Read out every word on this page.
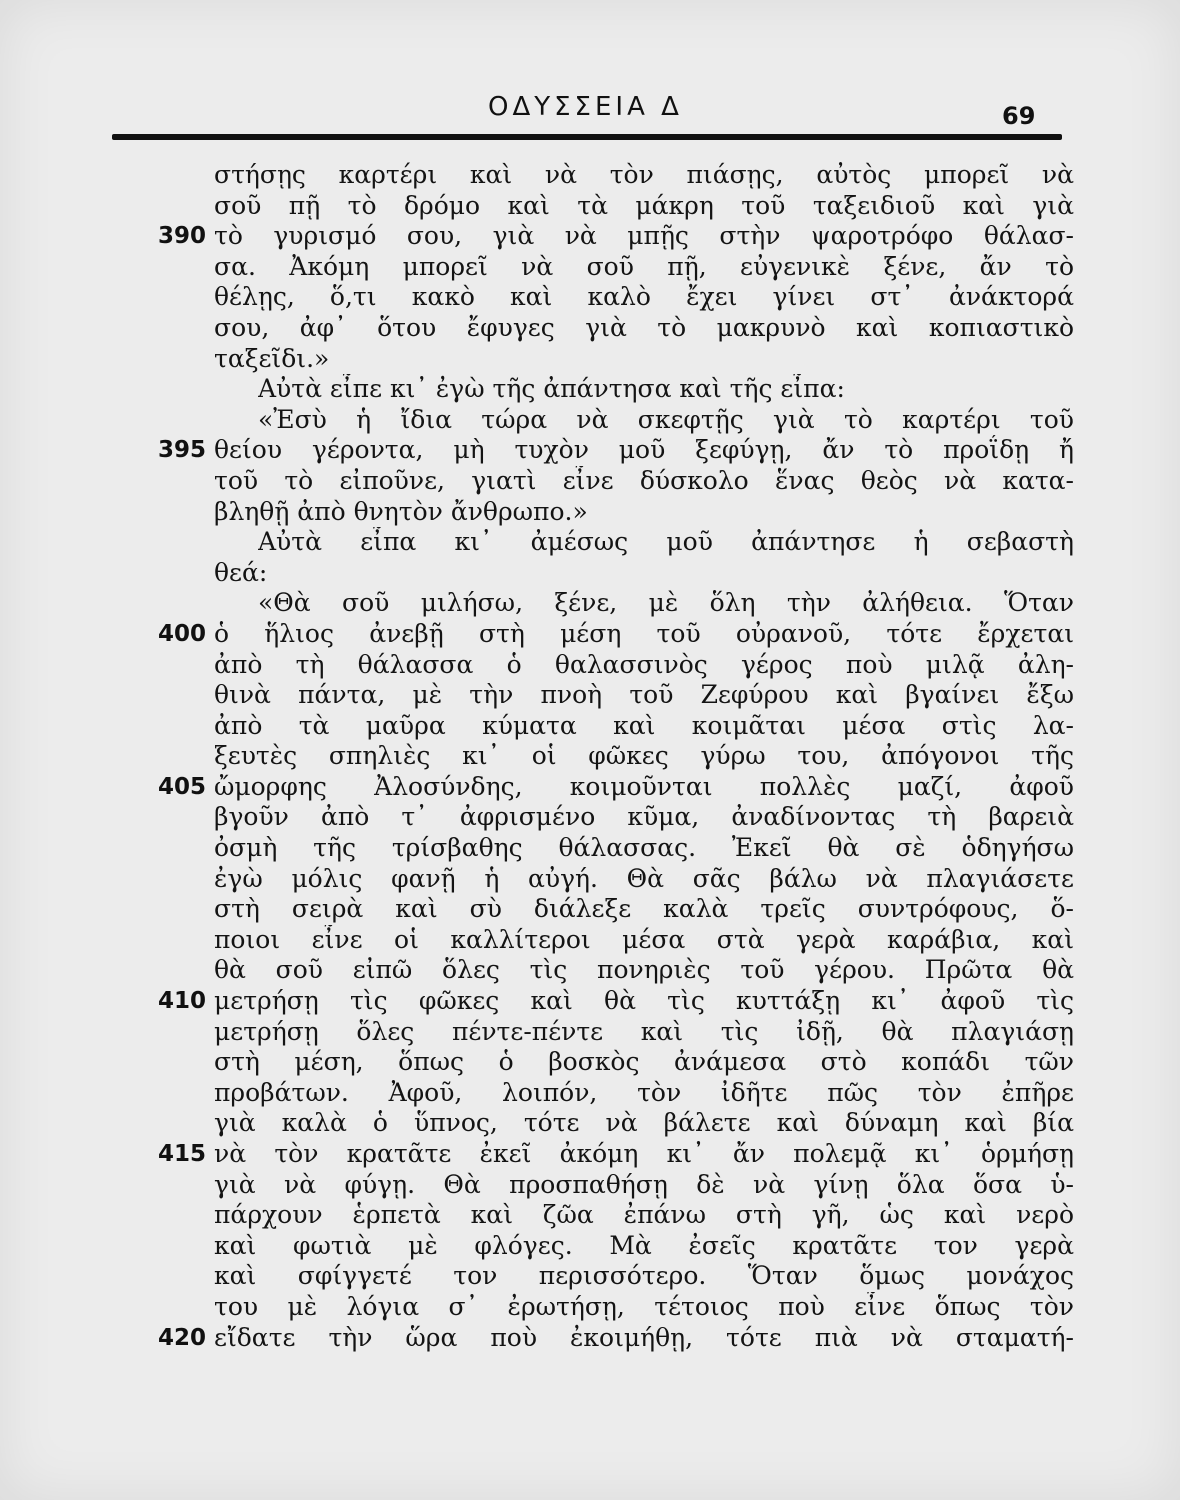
ΟΔΥΣΣΕΙΑ Δ	69
στήσῃς καρτέρι καὶ νὰ τὸν πιάσῃς, αὐτὸς μπορεῖ νὰ
σοῦ πῇ τὸ δρόμο καὶ τὰ μάκρη τοῦ ταξειδιοῦ καὶ γιὰ
390 τὸ γυρισμό σου, γιὰ νὰ μπῇς στὴν ψαροτρόφο θάλασ-
σα. Ἀκόμη μπορεῖ νὰ σοῦ πῇ, εὐγενικὲ ξένε, ἄν τὸ
θέλῃς, ὅ,τι κακὸ καὶ καλὸ ἔχει γίνει στ᾽ ἀνάκτορά
σου, ἀφ᾽ ὅτου ἔφυγες γιὰ τὸ μακρυνὸ καὶ κοπιαστικὸ
ταξεῖδι.»
Αὐτὰ εἶπε κι᾽ ἐγὼ τῆς ἀπάντησα καὶ τῆς εἶπα:
«Ἐσὺ ἡ ἴδια τώρα νὰ σκεφτῇς γιὰ τὸ καρτέρι τοῦ
395 θείου γέροντα, μὴ τυχὸν μοῦ ξεφύγῃ, ἄν τὸ προΐδῃ ἤ
τοῦ τὸ εἰποῦνε, γιατὶ εἶνε δύσκολο ἕνας θεὸς νὰ κατα-
βληθῇ ἀπὸ θνητὸν ἄνθρωπο.»
Αὐτὰ εἶπα κι᾽ ἀμέσως μοῦ ἀπάντησε ἡ σεβαστὴ
θεά:
«Θὰ σοῦ μιλήσω, ξένε, μὲ ὅλη τὴν ἀλήθεια. Ὅταν
400 ὁ ἥλιος ἀνεβῇ στὴ μέση τοῦ οὐρανοῦ, τότε ἔρχεται
ἀπὸ τὴ θάλασσα ὁ θαλασσινὸς γέρος ποὺ μιλᾷ ἀλη-
θινὰ πάντα, μὲ τὴν πνοὴ τοῦ Ζεφύρου καὶ βγαίνει ἔξω
ἀπὸ τὰ μαῦρα κύματα καὶ κοιμᾶται μέσα στὶς λα-
ξευτὲς σπηλιὲς κι᾽ οἱ φῶκες γύρω του, ἀπόγονοι τῆς
405 ὤμορφης Ἀλοσύνδης, κοιμοῦνται πολλὲς μαζί, ἀφοῦ
βγοῦν ἀπὸ τ᾽ ἀφρισμένο κῦμα, ἀναδίνοντας τὴ βαρειὰ
ὀσμὴ τῆς τρίσβαθης θάλασσας. Ἐκεῖ θὰ σὲ ὁδηγήσω
ἐγὼ μόλις φανῇ ἡ αὐγή. Θὰ σᾶς βάλω νὰ πλαγιάσετε
στὴ σειρὰ καὶ σὺ διάλεξε καλὰ τρεῖς συντρόφους, ὅ-
ποιοι εἶνε οἱ καλλίτεροι μέσα στὰ γερὰ καράβια, καὶ
θὰ σοῦ εἰπῶ ὅλες τὶς πονηριὲς τοῦ γέρου. Πρῶτα θὰ
410 μετρήσῃ τὶς φῶκες καὶ θὰ τὶς κυττάξῃ κι᾽ ἀφοῦ τὶς
μετρήσῃ ὅλες πέντε-πέντε καὶ τὶς ἰδῇ, θὰ πλαγιάσῃ
στὴ μέση, ὅπως ὁ βοσκὸς ἀνάμεσα στὸ κοπάδι τῶν
προβάτων. Ἀφοῦ, λοιπόν, τὸν ἰδῆτε πῶς τὸν ἐπῆρε
γιὰ καλὰ ὁ ὕπνος, τότε νὰ βάλετε καὶ δύναμη καὶ βία
415 νὰ τὸν κρατᾶτε ἐκεῖ ἀκόμη κι᾽ ἄν πολεμᾷ κι᾽ ὁρμήσῃ
γιὰ νὰ φύγῃ. Θὰ προσπαθήσῃ δὲ νὰ γίνῃ ὅλα ὅσα ὑ-
πάρχουν ἑρπετὰ καὶ ζῶα ἐπάνω στὴ γῆ, ὡς καὶ νερὸ
καὶ φωτιὰ μὲ φλόγες. Μὰ ἐσεῖς κρατᾶτε τον γερὰ
καὶ σφίγγετέ τον περισσότερο. Ὅταν ὅμως μονάχος
του μὲ λόγια σ᾽ ἐρωτήσῃ, τέτοιος ποὺ εἶνε ὅπως τὸν
420 εἴδατε τὴν ὥρα ποὺ ἐκοιμήθῃ, τότε πιὰ νὰ σταματή-
